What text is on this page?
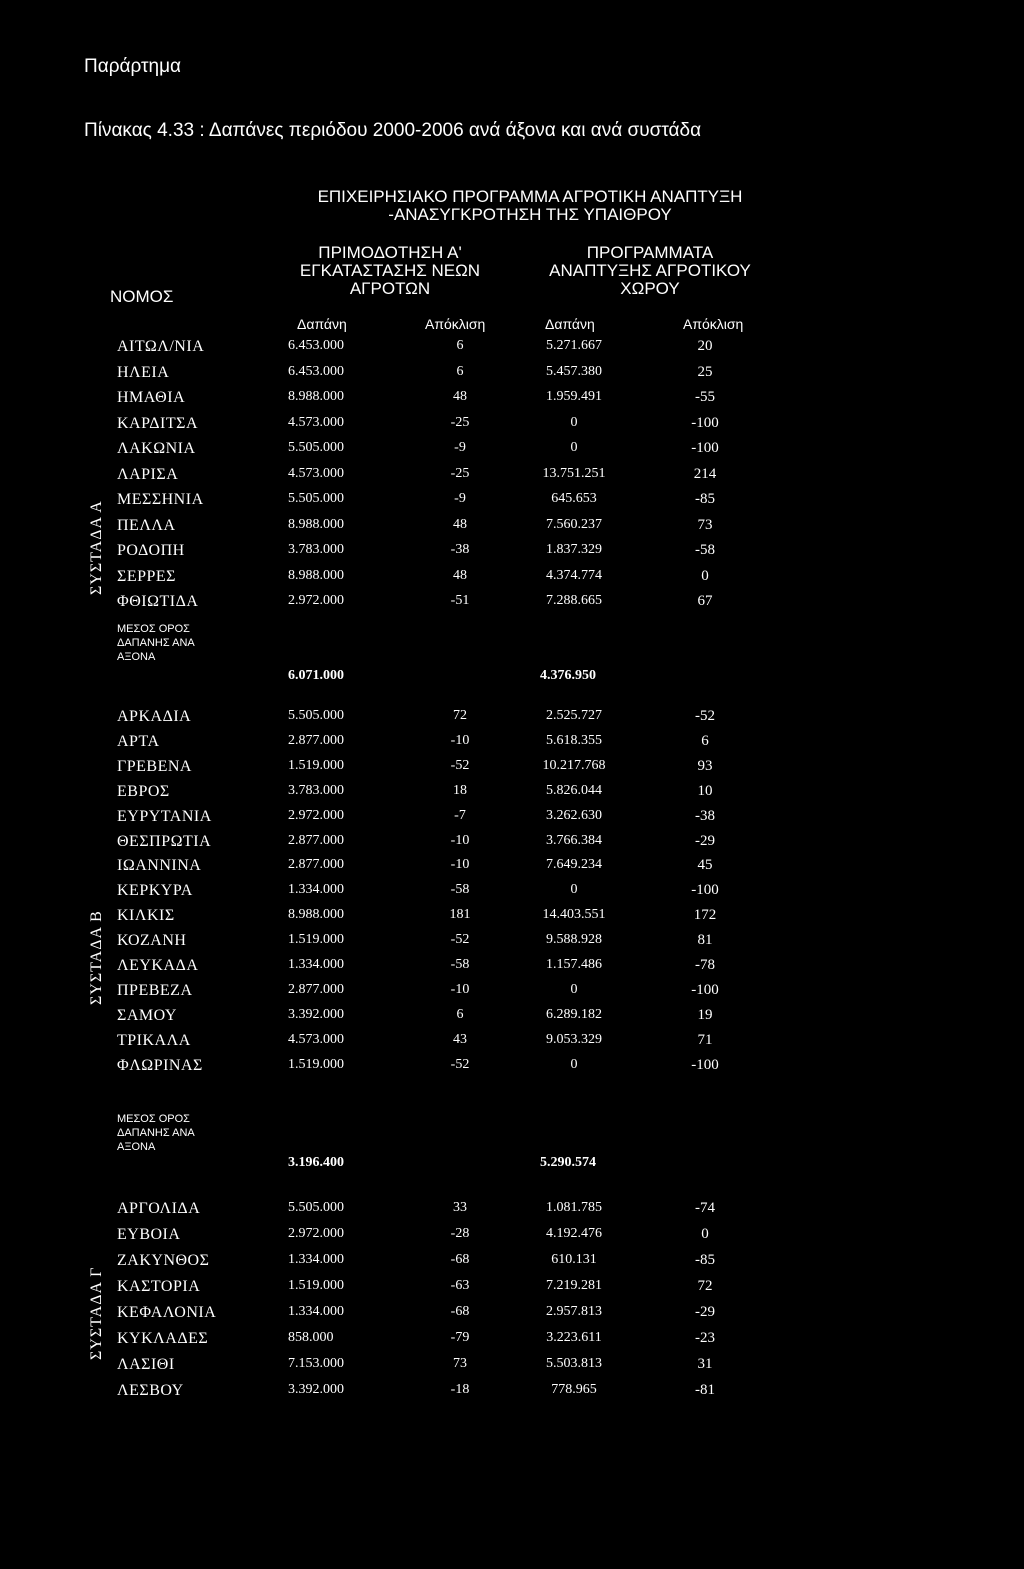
Παράρτημα
Πίνακας 4.33 : Δαπάνες περιόδου 2000-2006 ανά άξονα και ανά συστάδα
ΕΠΙΧΕΙΡΗΣΙΑΚΟ ΠΡΟΓΡΑΜΜΑ ΑΓΡΟΤΙΚΗ ΑΝΑΠΤΥΞΗ
-ΑΝΑΣΥΓΚΡΟΤΗΣΗ ΤΗΣ ΥΠΑΙΘΡΟΥ
ΠΡΙΜΟΔΟΤΗΣΗ Α'
ΕΓΚΑΤΑΣΤΑΣΗΣ ΝΕΩΝ
ΑΓΡΟΤΩΝ
ΠΡΟΓΡΑΜΜΑΤΑ
ΑΝΑΠΤΥΞΗΣ ΑΓΡΟΤΙΚΟΥ
ΧΩΡΟΥ
ΝΟΜΟΣ
Δαπάνη	Απόκλιση	Δαπάνη	Απόκλιση
ΣΥΣΤΑΔΑ Α
ΑΙΤΩΛ/ΝΙΑ	6.453.000	6	5.271.667	20
ΗΛΕΙΑ	6.453.000	6	5.457.380	25
ΗΜΑΘΙΑ	8.988.000	48	1.959.491	-55
ΚΑΡΔΙΤΣΑ	4.573.000	-25	0	-100
ΛΑΚΩΝΙΑ	5.505.000	-9	0	-100
ΛΑΡΙΣΑ	4.573.000	-25	13.751.251	214
ΜΕΣΣΗΝΙΑ	5.505.000	-9	645.653	-85
ΠΕΛΛΑ	8.988.000	48	7.560.237	73
ΡΟΔΟΠΗ	3.783.000	-38	1.837.329	-58
ΣΕΡΡΕΣ	8.988.000	48	4.374.774	0
ΦΘΙΩΤΙΔΑ	2.972.000	-51	7.288.665	67
ΜΕΣΟΣ ΟΡΟΣ
ΔΑΠΑΝΗΣ ΑΝΑ
ΑΞΟΝΑ
6.071.000	4.376.950
ΣΥΣΤΑΔΑ Β
ΑΡΚΑΔΙΑ	5.505.000	72	2.525.727	-52
ΑΡΤΑ	2.877.000	-10	5.618.355	6
ΓΡΕΒΕΝΑ	1.519.000	-52	10.217.768	93
ΕΒΡΟΣ	3.783.000	18	5.826.044	10
ΕΥΡΥΤΑΝΙΑ	2.972.000	-7	3.262.630	-38
ΘΕΣΠΡΩΤΙΑ	2.877.000	-10	3.766.384	-29
ΙΩΑΝΝΙΝΑ	2.877.000	-10	7.649.234	45
ΚΕΡΚΥΡΑ	1.334.000	-58	0	-100
ΚΙΛΚΙΣ	8.988.000	181	14.403.551	172
ΚΟΖΑΝΗ	1.519.000	-52	9.588.928	81
ΛΕΥΚΑΔΑ	1.334.000	-58	1.157.486	-78
ΠΡΕΒΕΖΑ	2.877.000	-10	0	-100
ΣΑΜΟΥ	3.392.000	6	6.289.182	19
ΤΡΙΚΑΛΑ	4.573.000	43	9.053.329	71
ΦΛΩΡΙΝΑΣ	1.519.000	-52	0	-100
ΜΕΣΟΣ ΟΡΟΣ
ΔΑΠΑΝΗΣ ΑΝΑ
ΑΞΟΝΑ
3.196.400	5.290.574
ΣΥΣΤΑΔΑ Γ
ΑΡΓΟΛΙΔΑ	5.505.000	33	1.081.785	-74
ΕΥΒΟΙΑ	2.972.000	-28	4.192.476	0
ΖΑΚΥΝΘΟΣ	1.334.000	-68	610.131	-85
ΚΑΣΤΟΡΙΑ	1.519.000	-63	7.219.281	72
ΚΕΦΑΛΟΝΙΑ	1.334.000	-68	2.957.813	-29
ΚΥΚΛΑΔΕΣ	858.000	-79	3.223.611	-23
ΛΑΣΙΘΙ	7.153.000	73	5.503.813	31
ΛΕΣΒΟΥ	3.392.000	-18	778.965	-81
